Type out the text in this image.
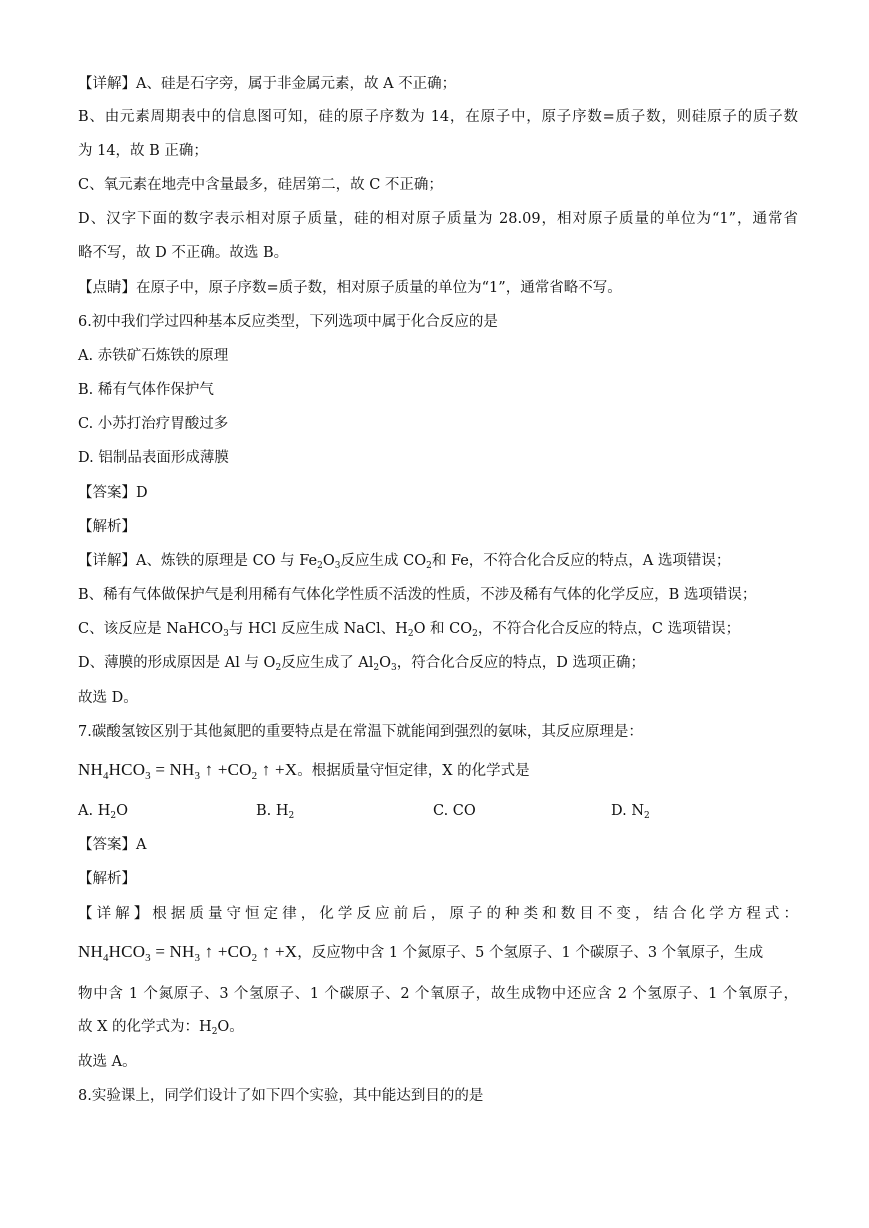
【详解】A、硅是石字旁，属于非金属元素，故 A 不正确；
B、由元素周期表中的信息图可知，硅的原子序数为 14，在原子中，原子序数=质子数，则硅原子的质子数
为 14，故 B 正确；
C、氧元素在地壳中含量最多，硅居第二，故 C 不正确；
D、汉字下面的数字表示相对原子质量，硅的相对原子质量为 28.09，相对原子质量的单位为“1”，通常省
略不写，故 D 不正确。故选 B。
【点睛】在原子中，原子序数=质子数，相对原子质量的单位为“1”，通常省略不写。
6.初中我们学过四种基本反应类型，下列选项中属于化合反应的是
A. 赤铁矿石炼铁的原理
B. 稀有气体作保护气
C. 小苏打治疗胃酸过多
D. 铝制品表面形成薄膜
【答案】D
【解析】
【详解】A、炼铁的原理是 CO 与 $Fe_2O_3$反应生成 $CO_2$和 Fe，不符合化合反应的特点，A 选项错误；
B、稀有气体做保护气是利用稀有气体化学性质不活泼的性质，不涉及稀有气体的化学反应，B 选项错误；
C、该反应是 NaHCO$_3$与 HCl 反应生成 NaCl、$H_2O$ 和 $CO_2$，不符合化合反应的特点，C 选项错误；
D、薄膜的形成原因是 Al 与 $O_2$反应生成了 $Al_2O_3$，符合化合反应的特点，D 选项正确；
故选 D。
7.碳酸氢铵区别于其他氮肥的重要特点是在常温下就能闻到强烈的氨味，其反应原理是：
$NH_4HCO_3 = NH_3$ ↑ $+CO_2$ ↑ +X。根据质量守恒定律，X 的化学式是
A. $H_2O$	B. $H_2$	C. CO	D. $N_2$
【答案】A
【解析】
【详解】根据质量守恒定律，化学反应前后，原子的种类和数目不变，结合化学方程式：
$NH_4HCO_3 = NH_3$ ↑ $+CO_2$ ↑ +X，反应物中含 1 个氮原子、5 个氢原子、1 个碳原子、3 个氧原子，生成
物中含 1 个氮原子、3 个氢原子、1 个碳原子、2 个氧原子，故生成物中还应含 2 个氢原子、1 个氧原子，
故 X 的化学式为：$H_2O$。
故选 A。
8.实验课上，同学们设计了如下四个实验，其中能达到目的的是
